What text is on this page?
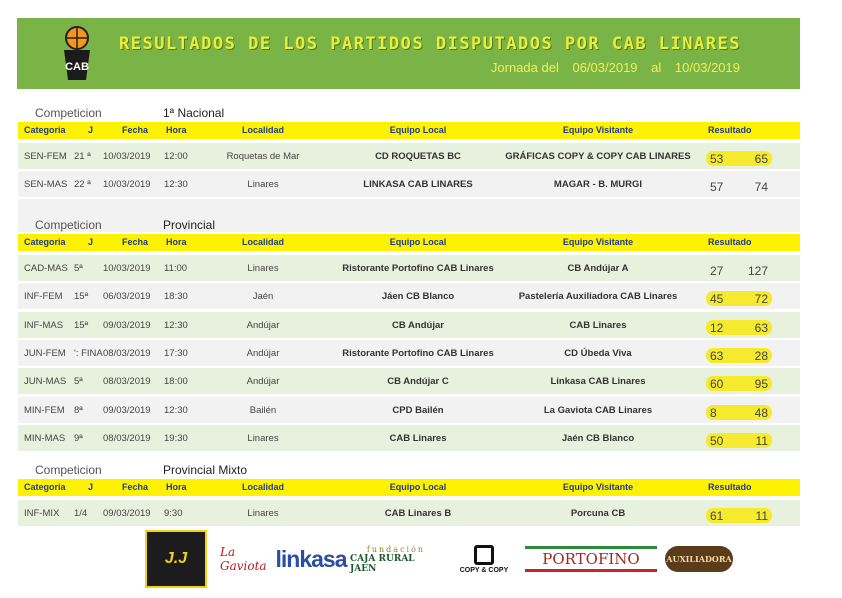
CAB
RESULTADOS DE LOS PARTIDOS DISPUTADOS POR CAB LINARES
Jornada del 06/03/2019 al 10/03/2019
Competicion	1ª Nacional
Categoria J	Fecha Hora	Localidad	Equipo Local	Equipo Visitante	Resultado
SEN-FEM 21 ª 10/03/2019 12:00	Roquetas de Mar	CD ROQUETAS BC	GRÁFICAS COPY & COPY CAB LINARES	53	65
SEN-MAS 22 ª 10/03/2019 12:30	Linares	LINKASA CAB LINARES	MAGAR - B. MURGI	57	74
Competicion	Provincial
Categoria J	Fecha Hora	Localidad	Equipo Local	Equipo Visitante	Resultado
CAD-MAS 5ª 10/03/2019 11:00	Linares	Ristorante Portofino CAB Linares	CB Andújar A	27 127
INF-FEM 15ª 06/03/2019 18:30	Jaén	Jáen CB Blanco	Pastelería Auxiliadora CAB Linares	45	72
INF-MAS 15ª 09/03/2019 12:30	Andújar	CB Andújar	CAB Linares	12	63
JUN-FEM ': FINA 08/03/2019 17:30	Andújar	Ristorante Portofino CAB Linares	CD Úbeda Viva	63	28
JUN-MAS 5ª 08/03/2019 18:00	Andújar	CB Andújar C	Linkasa CAB Linares	60	95
MIN-FEM 8ª 09/03/2019 12:30	Bailén	CPD Bailén	La Gaviota CAB Linares	8	48
MIN-MAS 9ª 08/03/2019 19:30	Linares	CAB Linares	Jaén CB Blanco	50	11
Competicion	Provincial Mixto
Categoria J	Fecha Hora	Localidad	Equipo Local	Equipo Visitante	Resultado
INF-MIX 1/4 09/03/2019 9:30	Linares	CAB Linares B	Porcuna CB	61	11
J.J	La Gaviota linkasa	fundación
CAJA RURAL JAEN	COPY & COPY
PORTOFINO	AUXILIADORA
